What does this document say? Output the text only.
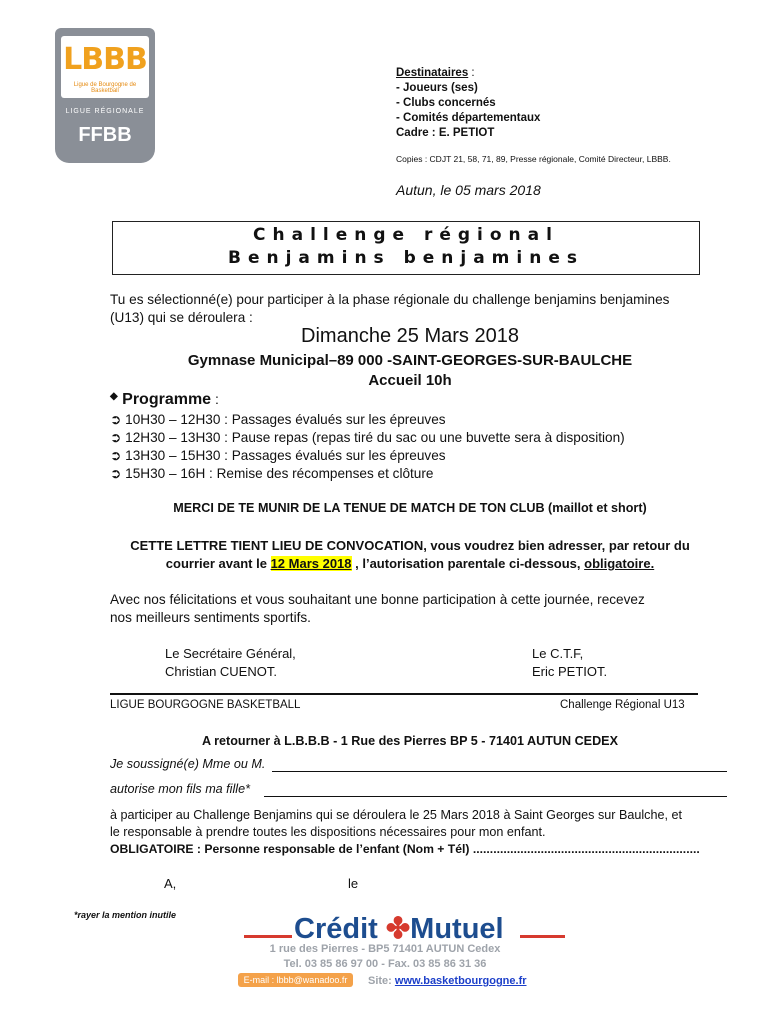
LBBB
Ligue de Bourgogne de Basketball
LIGUE RÉGIONALE
FFBB
Destinataires :
- Joueurs (ses)
- Clubs concernés
- Comités départementaux
Cadre : E. PETIOT
Copies : CDJT 21, 58, 71, 89, Presse régionale, Comité Directeur, LBBB.
Autun, le 05 mars 2018
Challenge régional
Benjamins benjamines
Tu es sélectionné(e) pour participer à la phase régionale du challenge benjamins benjamines
(U13) qui se déroulera :
Dimanche 25 Mars 2018
Gymnase Municipal–89 000 -SAINT-GEORGES-SUR-BAULCHE
Accueil 10h
◆ Programme :
➲ 10H30 – 12H30 : Passages évalués sur les épreuves
➲ 12H30 – 13H30 : Pause repas (repas tiré du sac ou une buvette sera à disposition)
➲ 13H30 – 15H30 : Passages évalués sur les épreuves
➲ 15H30 – 16H : Remise des récompenses et clôture
MERCI DE TE MUNIR DE LA TENUE DE MATCH DE TON CLUB (maillot et short)
CETTE LETTRE TIENT LIEU DE CONVOCATION, vous voudrez bien adresser, par retour du
courrier avant le 12 Mars 2018 , l’autorisation parentale ci-dessous, obligatoire.
Avec nos félicitations et vous souhaitant une bonne participation à cette journée, recevez
nos meilleurs sentiments sportifs.
Le Secrétaire Général,
Christian CUENOT.
Le C.T.F,
Eric PETIOT.
LIGUE BOURGOGNE BASKETBALL	Challenge Régional U13
A retourner à L.B.B.B - 1 Rue des Pierres BP 5 - 71401 AUTUN CEDEX
Je soussigné(e) Mme ou M.
autorise mon fils ma fille*
à participer au Challenge Benjamins qui se déroulera le 25 Mars 2018 à Saint Georges sur Baulche, et
le responsable à prendre toutes les dispositions nécessaires pour mon enfant.
OBLIGATOIRE : Personne responsable de l’enfant (Nom + Tél) ...................................................................
A,	le
*rayer la mention inutile	Crédit ✤Mutuel
1 rue des Pierres - BP5 71401 AUTUN Cedex
Tel. 03 85 86 97 00 - Fax. 03 85 86 31 36
E-mail : lbbb@wanadoo.fr	Site: www.basketbourgogne.fr
